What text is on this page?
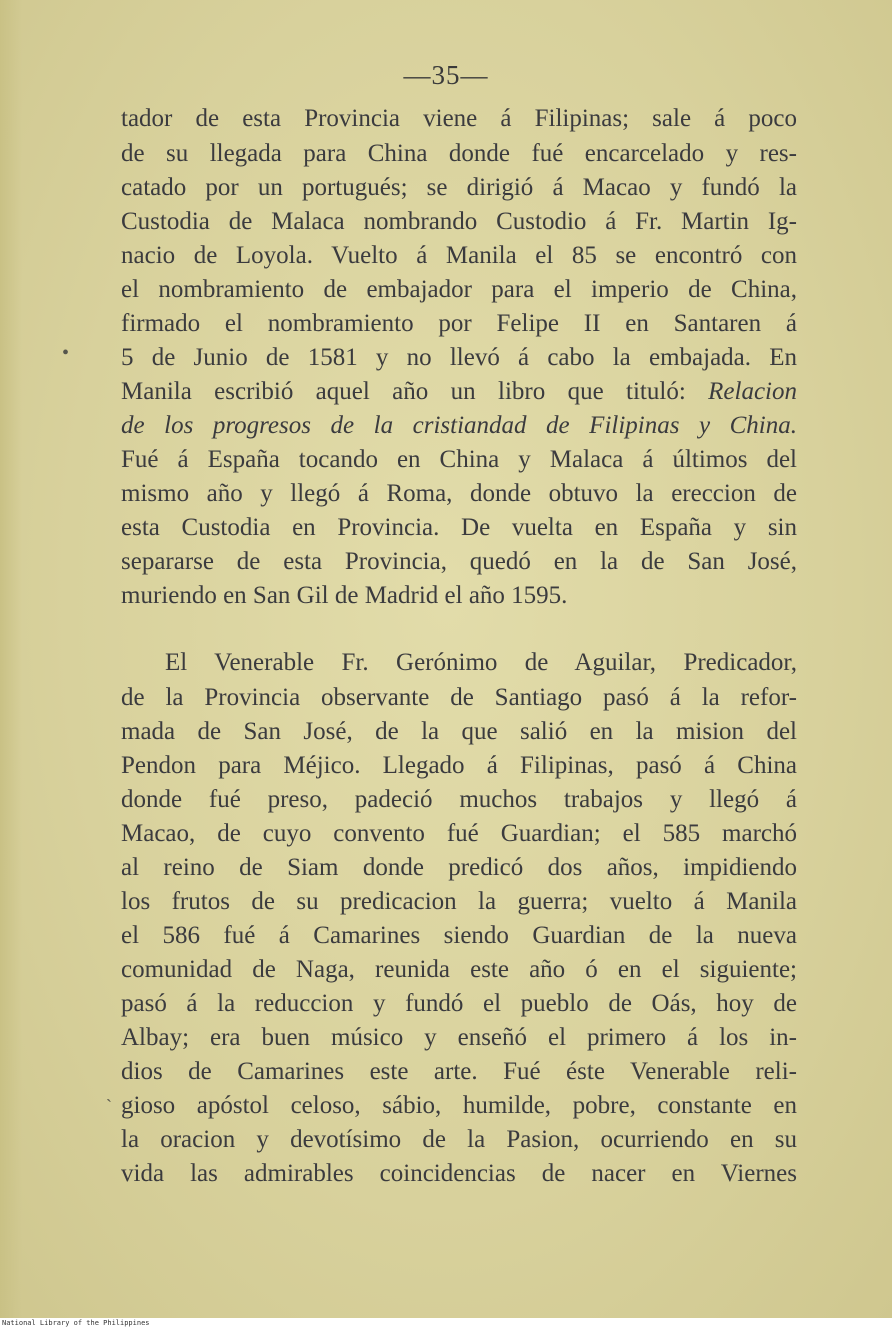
—35—
tador de esta Provincia viene á Filipinas; sale á poco
de su llegada para China donde fué encarcelado y res-
catado por un portugués; se dirigió á Macao y fundó la
Custodia de Malaca nombrando Custodio á Fr. Martin Ig-
nacio de Loyola. Vuelto á Manila el 85 se encontró con
el nombramiento de embajador para el imperio de China,
firmado el nombramiento por Felipe II en Santaren á
5 de Junio de 1581 y no llevó á cabo la embajada. En
Manila escribió aquel año un libro que tituló: Relacion
de los progresos de la cristiandad de Filipinas y China.
Fué á España tocando en China y Malaca á últimos del
mismo año y llegó á Roma, donde obtuvo la ereccion de
esta Custodia en Provincia. De vuelta en España y sin
separarse de esta Provincia, quedó en la de San José,
muriendo en San Gil de Madrid el año 1595.
El Venerable Fr. Gerónimo de Aguilar, Predicador,
de la Provincia observante de Santiago pasó á la refor-
mada de San José, de la que salió en la mision del
Pendon para Méjico. Llegado á Filipinas, pasó á China
donde fué preso, padeció muchos trabajos y llegó á
Macao, de cuyo convento fué Guardian; el 585 marchó
al reino de Siam donde predicó dos años, impidiendo
los frutos de su predicacion la guerra; vuelto á Manila
el 586 fué á Camarines siendo Guardian de la nueva
comunidad de Naga, reunida este año ó en el siguiente;
pasó á la reduccion y fundó el pueblo de Oás, hoy de
Albay; era buen músico y enseñó el primero á los in-
dios de Camarines este arte. Fué éste Venerable reli-
gioso apóstol celoso, sábio, humilde, pobre, constante en
la oracion y devotísimo de la Pasion, ocurriendo en su
vida las admirables coincidencias de nacer en Viernes
•
ˋ
National Library of the Philippines
